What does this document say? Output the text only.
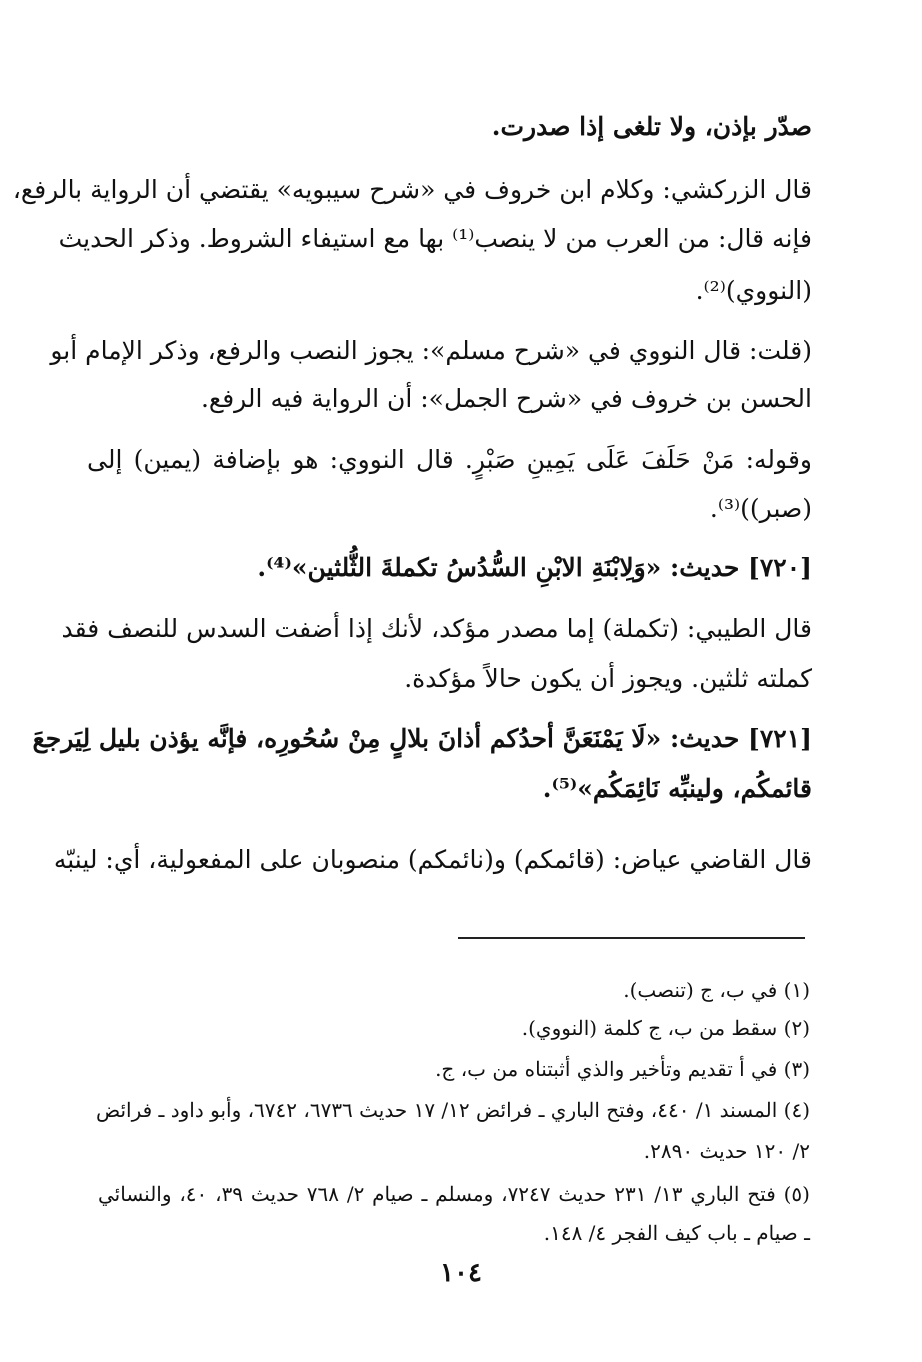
صدّر بإذن، ولا تلغى إذا صدرت.
قال الزركشي: وكلام ابن خروف في «شرح سيبويه» يقتضي أن الرواية بالرفع،
فإنه قال: من العرب من لا ينصب⁽¹⁾ بها مع استيفاء الشروط. وذكر الحديث
(النووي)⁽²⁾.
(قلت: قال النووي في «شرح مسلم»: يجوز النصب والرفع، وذكر الإمام أبو
الحسن بن خروف في «شرح الجمل»: أن الرواية فيه الرفع.
وقوله: مَنْ حَلَفَ عَلَى يَمِينِ صَبْرٍ. قال النووي: هو بإضافة (يمين) إلى
(صبر))⁽³⁾.
[٧٢٠] حديث: «وَلِابْنَةِ الابْنِ السُّدُسُ تكملةَ الثُّلثين»⁽⁴⁾.
قال الطيبي: (تكملة) إما مصدر مؤكد، لأنك إذا أضفت السدس للنصف فقد
كملته ثلثين. ويجوز أن يكون حالاً مؤكدة.
[٧٢١] حديث: «لَا يَمْنَعَنَّ أحدُكم أذانَ بلالٍ مِنْ سُحُورِه، فإنَّه يؤذن بليل لِيَرجعَ
قائمكُم، ولينبِّه نَائِمَكُم»⁽⁵⁾.
قال القاضي عياض: (قائمكم) و(نائمكم) منصوبان على المفعولية، أي: لينبّه
(١) في ب، ج (تنصب).
(٢) سقط من ب، ج كلمة (النووي).
(٣) في أ تقديم وتأخير والذي أثبتناه من ب، ج.
(٤) المسند ١/ ٤٤٠، وفتح الباري ـ فرائض ١٢/ ١٧ حديث ٦٧٣٦، ٦٧٤٢، وأبو داود ـ فرائض
٢/ ١٢٠ حديث ٢٨٩٠.
(٥) فتح الباري ١٣/ ٢٣١ حديث ٧٢٤٧، ومسلم ـ صيام ٢/ ٧٦٨ حديث ٣٩، ٤٠، والنسائي
ـ صيام ـ باب كيف الفجر ٤/ ١٤٨.
١٠٤
